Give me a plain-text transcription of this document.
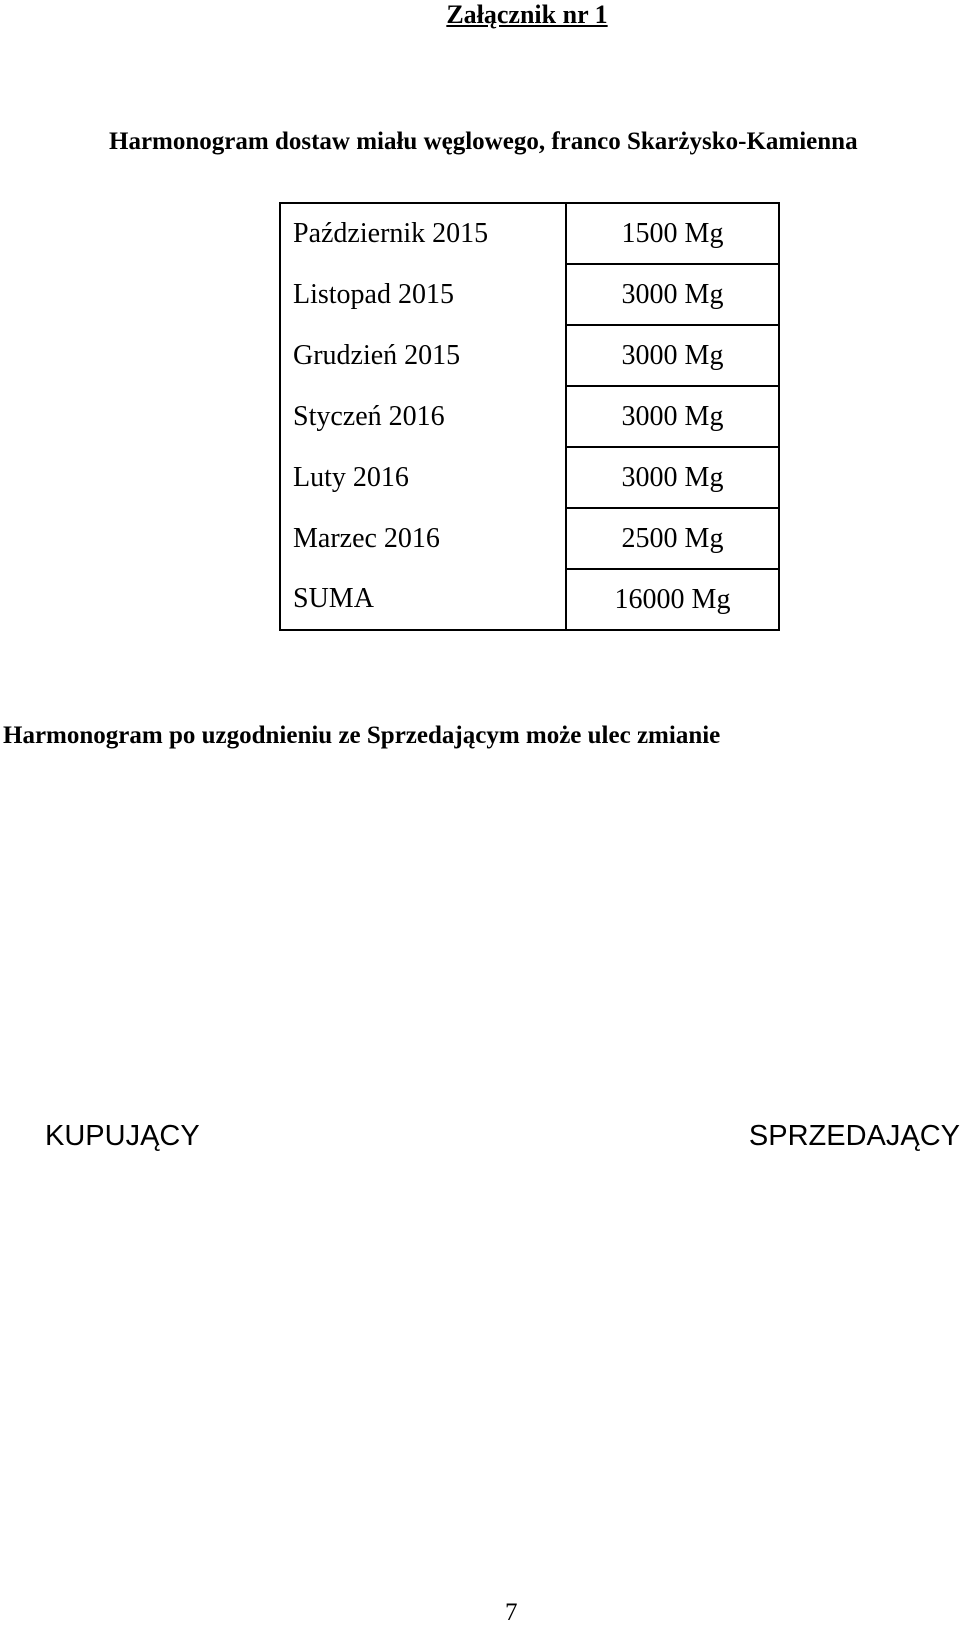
Załącznik nr 1
Harmonogram dostaw miału węglowego, franco Skarżysko-Kamienna
Październik 2015	1500 Mg
Listopad 2015	3000 Mg
Grudzień 2015	3000 Mg
Styczeń 2016	3000 Mg
Luty 2016	3000 Mg
Marzec 2016	2500 Mg
SUMA	16000 Mg
Harmonogram po uzgodnieniu ze Sprzedającym może ulec zmianie
KUPUJĄCY	SPRZEDAJĄCY
7
